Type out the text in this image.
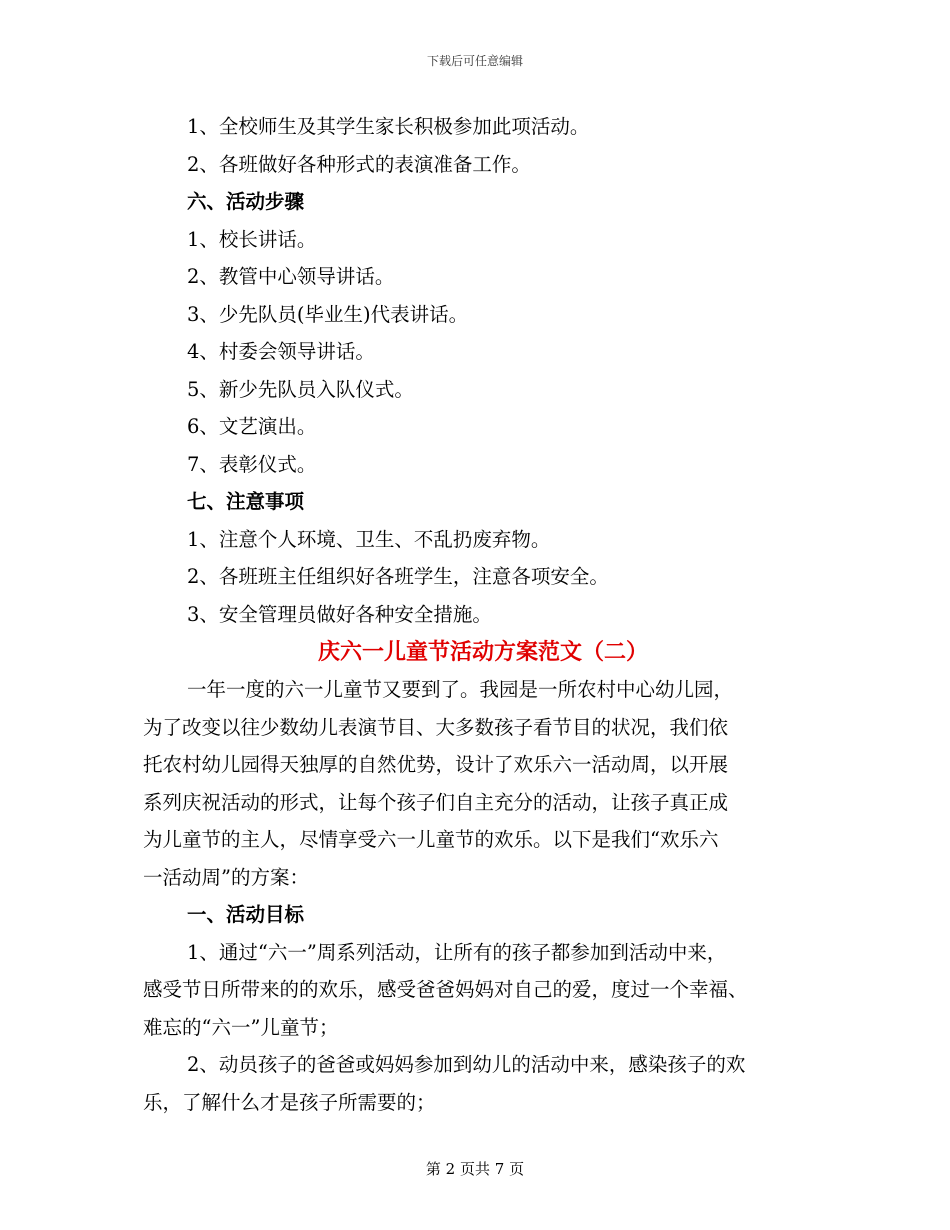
下载后可任意编辑
1、全校师生及其学生家长积极参加此项活动。
2、各班做好各种形式的表演准备工作。
六、活动步骤
1、校长讲话。
2、教管中心领导讲话。
3、少先队员(毕业生)代表讲话。
4、村委会领导讲话。
5、新少先队员入队仪式。
6、文艺演出。
7、表彰仪式。
七、注意事项
1、注意个人环境、卫生、不乱扔废弃物。
2、各班班主任组织好各班学生，注意各项安全。
3、安全管理员做好各种安全措施。
庆六一儿童节活动方案范文（二）
一年一度的六一儿童节又要到了。我园是一所农村中心幼儿园，
为了改变以往少数幼儿表演节目、大多数孩子看节目的状况，我们依
托农村幼儿园得天独厚的自然优势，设计了欢乐六一活动周，以开展
系列庆祝活动的形式，让每个孩子们自主充分的活动，让孩子真正成
为儿童节的主人，尽情享受六一儿童节的欢乐。以下是我们“欢乐六
一活动周”的方案：
一、活动目标
1、通过“六一”周系列活动，让所有的孩子都参加到活动中来，
感受节日所带来的的欢乐，感受爸爸妈妈对自己的爱，度过一个幸福、
难忘的“六一”儿童节；
2、动员孩子的爸爸或妈妈参加到幼儿的活动中来，感染孩子的欢
乐，了解什么才是孩子所需要的；
第 2 页共 7 页
